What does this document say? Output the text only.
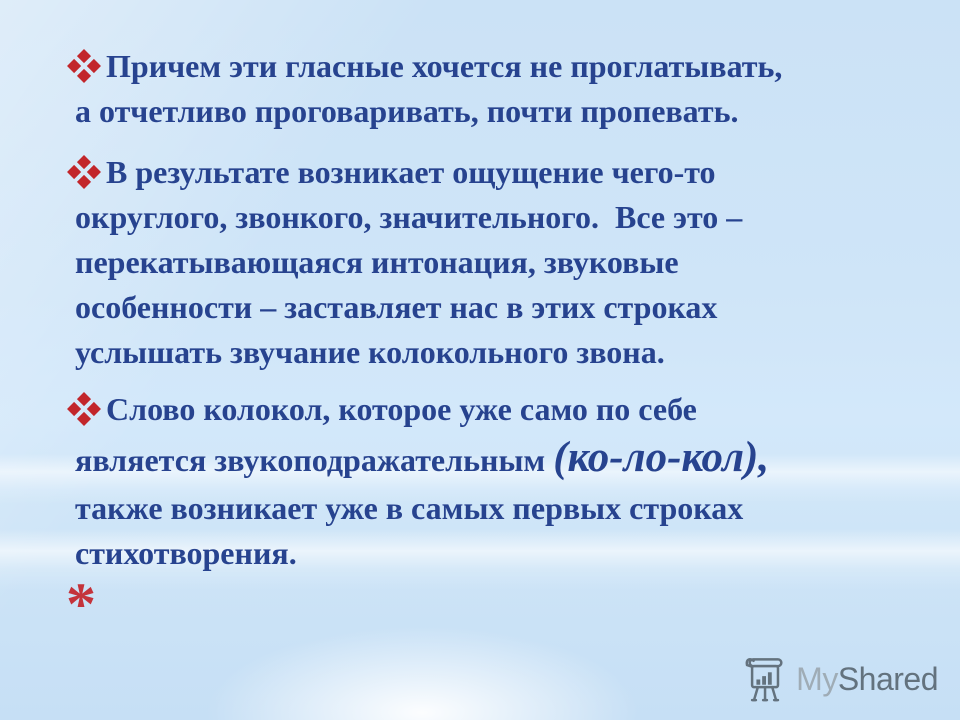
Причем эти гласные хочется не проглатывать,
а отчетливо проговаривать, почти пропевать.
В результате возникает ощущение чего-то
округлого, звонкого, значительного.  Все это –
перекатывающаяся интонация, звуковые
особенности – заставляет нас в этих строках
услышать звучание колокольного звона.
Слово колокол, которое уже само по себе
является звукоподражательным (ко-ло-кол),
также возникает уже в самых первых строках
стихотворения.
*
MyShared
